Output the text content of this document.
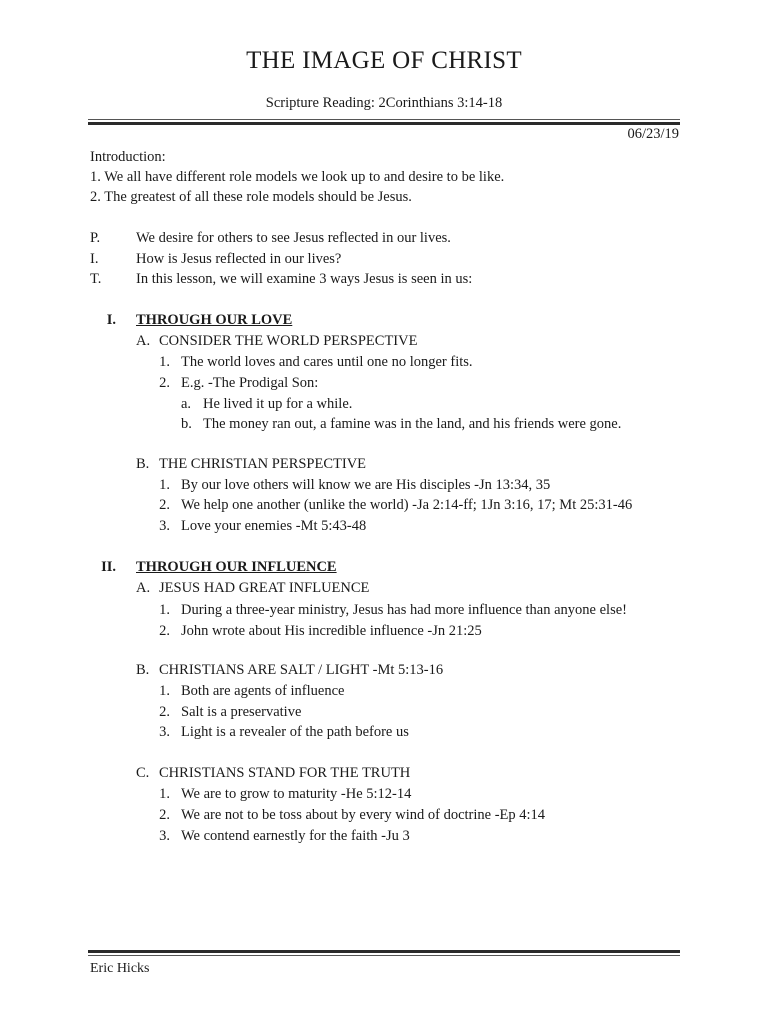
THE IMAGE OF CHRIST
Scripture Reading: 2Corinthians 3:14-18
06/23/19
Introduction:
1. We all have different role models we look up to and desire to be like.
2. The greatest of all these role models should be Jesus.
P. We desire for others to see Jesus reflected in our lives.
I.	How is Jesus reflected in our lives?
T. In this lesson, we will examine 3 ways Jesus is seen in us:
I. THROUGH OUR LOVE
A. CONSIDER THE WORLD PERSPECTIVE
1. The world loves and cares until one no longer fits.
2. E.g. -The Prodigal Son:
a. He lived it up for a while.
b. The money ran out, a famine was in the land, and his friends were gone.
B. THE CHRISTIAN PERSPECTIVE
1. By our love others will know we are His disciples -Jn 13:34, 35
2. We help one another (unlike the world) -Ja 2:14-ff; 1Jn 3:16, 17; Mt 25:31-46
3. Love your enemies -Mt 5:43-48
II. THROUGH OUR INFLUENCE
A. JESUS HAD GREAT INFLUENCE
1. During a three-year ministry, Jesus has had more influence than anyone else!
2. John wrote about His incredible influence -Jn 21:25
B. CHRISTIANS ARE SALT / LIGHT -Mt 5:13-16
1. Both are agents of influence
2. Salt is a preservative
3. Light is a revealer of the path before us
C. CHRISTIANS STAND FOR THE TRUTH
1. We are to grow to maturity -He 5:12-14
2. We are not to be toss about by every wind of doctrine -Ep 4:14
3. We contend earnestly for the faith -Ju 3
Eric Hicks
